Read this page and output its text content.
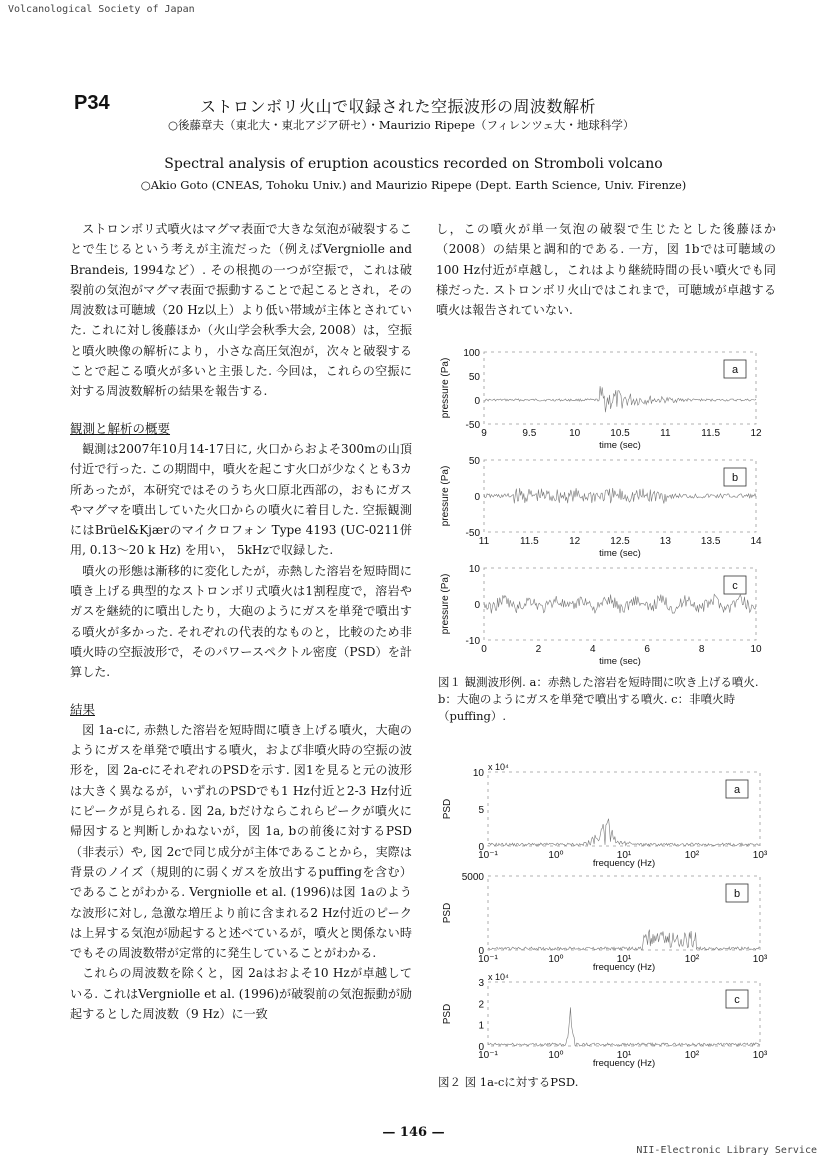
Volcanological Society of Japan
P34	ストロンボリ火山で収録された空振波形の周波数解析
○後藤章夫（東北大・東北アジア研セ）・Maurizio Ripepe（フィレンツェ大・地球科学）
Spectral analysis of eruption acoustics recorded on Stromboli volcano
○Akio Goto (CNEAS, Tohoku Univ.) and Maurizio Ripepe (Dept. Earth Science, Univ. Firenze)

ストロンボリ式噴火はマグマ表面で大きな気泡が破裂することで生じるという考えが主流だった（例えばVergniolle and Brandeis, 1994など）. その根拠の一つが空振で，これは破裂前の気泡がマグマ表面で振動することで起こるとされ，その周波数は可聴域（20 Hz以上）より低い帯域が主体とされていた. これに対し後藤ほか（火山学会秋季大会, 2008）は，空振と噴火映像の解析により，小さな高圧気泡が，次々と破裂することで起こる噴火が多いと主張した. 今回は，これらの空振に対する周波数解析の結果を報告する.

観測と解析の概要

観測は2007年10月14-17日に, 火口からおよそ300mの山頂付近で行った. この期間中，噴火を起こす火口が少なくとも3カ所あったが，本研究ではそのうち火口原北西部の，おもにガスやマグマを噴出していた火口からの噴火に着目した. 空振観測にはBrüel&Kjærのマイクロフォン Type 4193 (UC-0211併用, 0.13～20 k Hz) を用い， 5kHzで収録した.

噴火の形態は漸移的に変化したが，赤熱した溶岩を短時間に噴き上げる典型的なストロンボリ式噴火は1割程度で，溶岩やガスを継続的に噴出したり，大砲のようにガスを単発で噴出する噴火が多かった. それぞれの代表的なものと，比較のため非噴火時の空振波形で，そのパワースペクトル密度（PSD）を計算した.

結果

図 1a-cに, 赤熱した溶岩を短時間に噴き上げる噴火，大砲のようにガスを単発で噴出する噴火，および非噴火時の空振の波形を，図 2a-cにそれぞれのPSDを示す. 図1を見ると元の波形は大きく異なるが，いずれのPSDでも1 Hz付近と2-3 Hz付近にピークが見られる. 図 2a, bだけならこれらピークが噴火に帰因すると判断しかねないが，図 1a, bの前後に対するPSD（非表示）や, 図 2cで同じ成分が主体であることから，実際は背景のノイズ（規則的に弱くガスを放出するpuffingを含む）であることがわかる. Vergniolle et al. (1996)は図 1aのような波形に対し, 急激な増圧より前に含まれる2 Hz付近のピークは上昇する気泡が励起すると述べているが，噴火と関係ない時でもその周波数帯が定常的に発生していることがわかる.

これらの周波数を除くと，図 2aはおよそ10 Hzが卓越している. これはVergniolle et al. (1996)が破裂前の気泡振動が励起するとした周波数（9 Hz）に一致

し，この噴火が単一気泡の破裂で生じたとした後藤ほか（2008）の結果と調和的である. 一方，図 1bでは可聴域の100 Hz付近が卓越し，これはより継続時間の長い噴火でも同様だった. ストロンボリ火山ではこれまで，可聴域が卓越する噴火は報告されていない.

100
50
0
-50
9	9.5	10	10.5	11	11.5	12
pressure (Pa)
time (sec)
a
50
0
-50
11	11.5	12	12.5	13	13.5	14
pressure (Pa)
time (sec)
b
10
0
-10
0	2	4	6	8	10
pressure (Pa)
time (sec)
c
図１ 観測波形例. a：赤熱した溶岩を短時間に吹き上げる噴火. b：大砲のようにガスを単発で噴出する噴火. c：非噴火時（puffing）.
x 10⁴
10
5
0
10⁻¹	10⁰	10¹	10²	10³
PSD
frequency (Hz)
a
5000
0
10⁻¹	10⁰	10¹	10²	10³
PSD
frequency (Hz)
b
x 10⁴
3
2
1
0
10⁻¹	10⁰	10¹	10²	10³
PSD
frequency (Hz)
c
図２ 図 1a-cに対するPSD.
— 146 —
NII-Electronic Library Service
